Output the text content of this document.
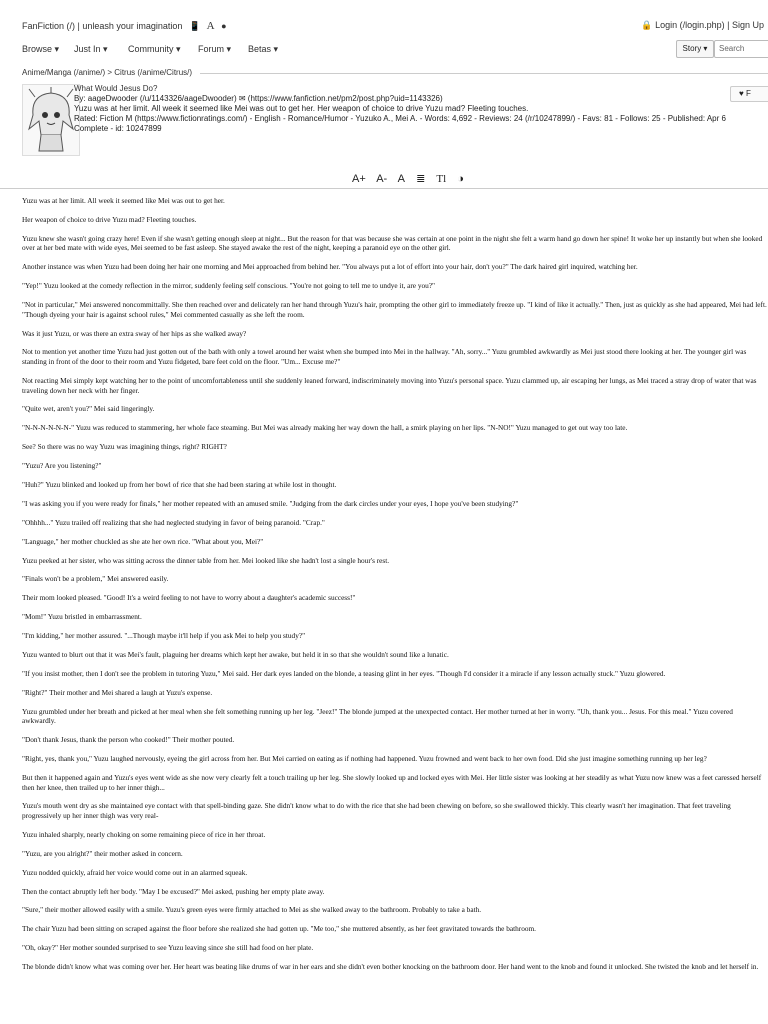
FanFiction (/) | unleash your imagination 📱 A ●	🔒 Login (/login.php) | Sign Up
Browse ▾ Just In ▾ Community ▾ Forum ▾ Betas ▾	Story ▾	Search
Anime/Manga (/anime/) > Citrus (/anime/Citrus/)
What Would Jesus Do?
By: aageDwooder (/u/1143326/aageDwooder) ✉ (https://www.fanfiction.net/pm2/post.php?uid=1143326)
Yuzu was at her limit. All week it seemed like Mei was out to get her. Her weapon of choice to drive Yuzu mad? Fleeting touches.
Rated: Fiction M (https://www.fictionratings.com/) - English - Romance/Humor - Yuzuko A., Mei A. - Words: 4,692 - Reviews: 24 (/r/10247899/) - Favs: 81 - Follows: 25 - Published: Apr 6
Complete - id: 10247899
♥ F
A+ A- A ≣ Tl ◑

Yuzu was at her limit. All week it seemed like Mei was out to get her.

Her weapon of choice to drive Yuzu mad? Fleeting touches.

Yuzu knew she wasn't going crazy here! Even if she wasn't getting enough sleep at night... But the reason for that was because she was certain at one point in the night she felt a warm hand go down her spine! It woke her up instantly but when she looked over at her bed mate with wide eyes, Mei seemed to be fast asleep. She stayed awake the rest of the night, keeping a paranoid eye on the other girl.

Another instance was when Yuzu had been doing her hair one morning and Mei approached from behind her. "You always put a lot of effort into your hair, don't you?" The dark haired girl inquired, watching her.

"Yep!" Yuzu looked at the comedy reflection in the mirror, suddenly feeling self conscious. "You're not going to tell me to undye it, are you?"

"Not in particular," Mei answered noncommittally. She then reached over and delicately ran her hand through Yuzu's hair, prompting the other girl to immediately freeze up. "I kind of like it actually." Then, just as quickly as she had appeared, Mei had left. "Though dyeing your hair is against school rules," Mei commented casually as she left the room.

Was it just Yuzu, or was there an extra sway of her hips as she walked away?

Not to mention yet another time Yuzu had just gotten out of the bath with only a towel around her waist when she bumped into Mei in the hallway. "Ah, sorry..." Yuzu grumbled awkwardly as Mei just stood there looking at her. The younger girl was standing in front of the door to their room and Yuzu fidgeted, bare feet cold on the floor. "Um... Excuse me?"

Not reacting Mei simply kept watching her to the point of uncomfortableness until she suddenly leaned forward, indiscriminately moving into Yuzu's personal space. Yuzu clammed up, air escaping her lungs, as Mei traced a stray drop of water that was traveling down her neck with her finger.

"Quite wet, aren't you?" Mei said lingeringly.

"N-N-N-N-N-N-" Yuzu was reduced to stammering, her whole face steaming. But Mei was already making her way down the hall, a smirk playing on her lips. "N-NO!" Yuzu managed to get out way too late.

See? So there was no way Yuzu was imagining things, right? RIGHT?

"Yuzu? Are you listening?"

"Huh?" Yuzu blinked and looked up from her bowl of rice that she had been staring at while lost in thought.

"I was asking you if you were ready for finals," her mother repeated with an amused smile. "Judging from the dark circles under your eyes, I hope you've been studying?"

"Ohhhh..." Yuzu trailed off realizing that she had neglected studying in favor of being paranoid. "Crap."

"Language," her mother chuckled as she ate her own rice. "What about you, Mei?"

Yuzu peeked at her sister, who was sitting across the dinner table from her. Mei looked like she hadn't lost a single hour's rest.

"Finals won't be a problem," Mei answered easily.

Their mom looked pleased. "Good! It's a weird feeling to not have to worry about a daughter's academic success!"

"Mom!" Yuzu bristled in embarrassment.

"I'm kidding," her mother assured. "...Though maybe it'll help if you ask Mei to help you study?"

Yuzu wanted to blurt out that it was Mei's fault, plaguing her dreams which kept her awake, but held it in so that she wouldn't sound like a lunatic.

"If you insist mother, then I don't see the problem in tutoring Yuzu," Mei said. Her dark eyes landed on the blonde, a teasing glint in her eyes. "Though I'd consider it a miracle if any lesson actually stuck." Yuzu glowered.

"Right?" Their mother and Mei shared a laugh at Yuzu's expense.

Yuzu grumbled under her breath and picked at her meal when she felt something running up her leg. "Jeez!" The blonde jumped at the unexpected contact. Her mother turned at her in worry. "Uh, thank you... Jesus. For this meal." Yuzu covered awkwardly.

"Don't thank Jesus, thank the person who cooked!" Their mother pouted.

"Right, yes, thank you," Yuzu laughed nervously, eyeing the girl across from her. But Mei carried on eating as if nothing had happened. Yuzu frowned and went back to her own food. Did she just imagine something running up her leg?

But then it happened again and Yuzu's eyes went wide as she now very clearly felt a touch trailing up her leg. She slowly looked up and locked eyes with Mei. Her little sister was looking at her steadily as what Yuzu now knew was a feet caressed herself then her knee, then trailed up to her inner thigh...

Yuzu's mouth went dry as she maintained eye contact with that spell-binding gaze. She didn't know what to do with the rice that she had been chewing on before, so she swallowed thickly. This clearly wasn't her imagination. That feet traveling progressively up her inner thigh was very real-

Yuzu inhaled sharply, nearly choking on some remaining piece of rice in her throat.

"Yuzu, are you alright?" their mother asked in concern.

Yuzu nodded quickly, afraid her voice would come out in an alarmed squeak.

Then the contact abruptly left her body. "May I be excused?" Mei asked, pushing her empty plate away.

"Sure," their mother allowed easily with a smile. Yuzu's green eyes were firmly attached to Mei as she walked away to the bathroom. Probably to take a bath.

The chair Yuzu had been sitting on scraped against the floor before she realized she had gotten up. "Me too," she muttered absently, as her feet gravitated towards the bathroom.

"Oh, okay?" Her mother sounded surprised to see Yuzu leaving since she still had food on her plate.

The blonde didn't know what was coming over her. Her heart was beating like drums of war in her ears and she didn't even bother knocking on the bathroom door. Her hand went to the knob and found it unlocked. She twisted the knob and let herself in.
